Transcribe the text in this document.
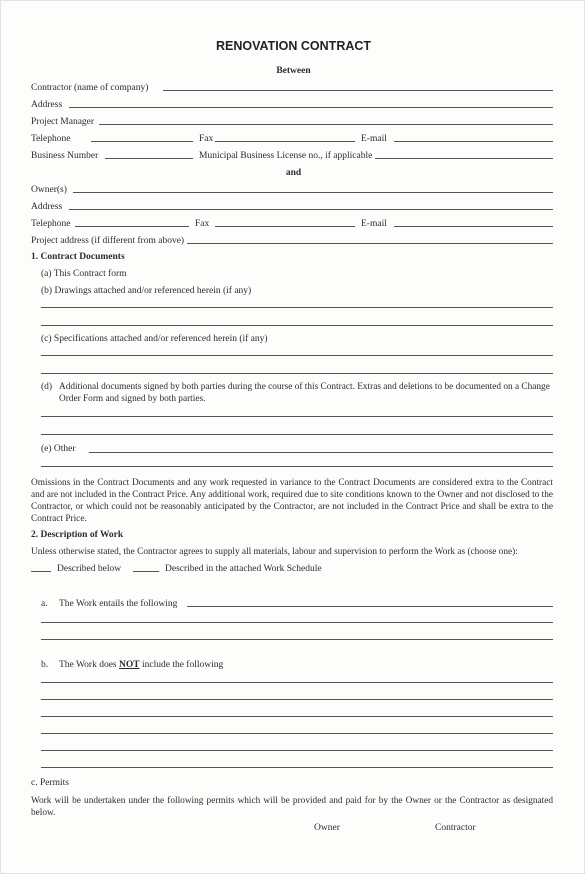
RENOVATION CONTRACT
Between
Contractor (name of company)
Address
Project Manager
Telephone	Fax	E-mail
Business Number	Municipal Business License no., if applicable
and
Owner(s)
Address
Telephone	Fax	E-mail
Project address (if different from above)
1. Contract Documents
(a) This Contract form
(b) Drawings attached and/or referenced herein (if any)
(c) Specifications attached and/or referenced herein (if any)
(d) Additional documents signed by both parties during the course of this Contract. Extras and deletions to be documented on a Change Order Form and signed by both parties.
(e) Other
Omissions in the Contract Documents and any work requested in variance to the Contract Documents are considered extra to the Contract and are not included in the Contract Price. Any additional work, required due to site conditions known to the Owner and not disclosed to the Contractor, or which could not be reasonably anticipated by the Contractor, are not included in the Contract Price and shall be extra to the Contract Price.
2. Description of Work
Unless otherwise stated, the Contractor agrees to supply all materials, labour and supervision to perform the Work as (choose one):
Described below	Described in the attached Work Schedule
a. The Work entails the following
b. The Work does NOT include the following
c. Permits
Work will be undertaken under the following permits which will be provided and paid for by the Owner or the Contractor as designated below.
Owner	Contractor
